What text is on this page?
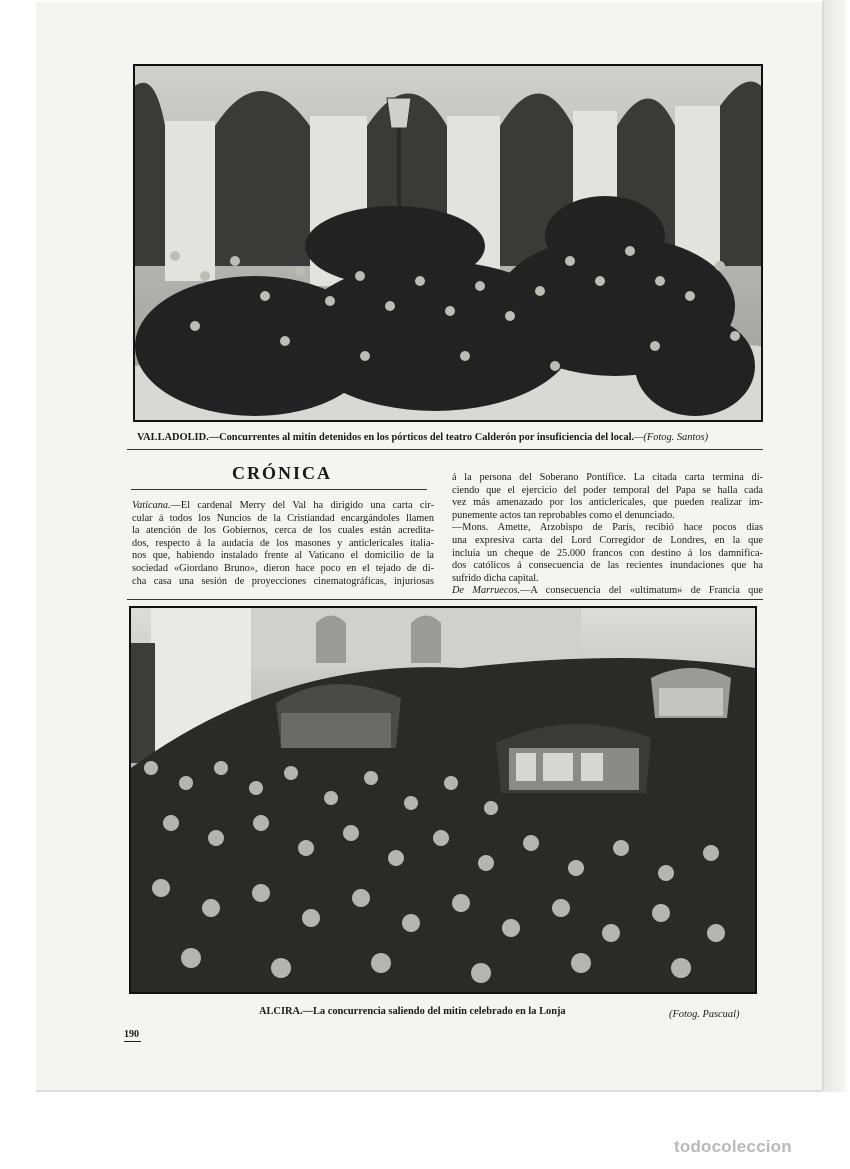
VALLADOLID.—Concurrentes al mitin detenidos en los pórticos del teatro Calderón por insuficiencia del local.—(Fotog. Santos)
CRÓNICA

Vaticana.—El cardenal Merry del Val ha dirigido una carta cir-

cular á todos los Nuncios de la Cristiandad encargándoles llamen

la atención de los Gobiernos, cerca de los cuales están acredita-

dos, respecto á la audacia de los masones y anticlericales italia-

nos que, habiendo instalado frente al Vaticano el domicilio de la

sociedad «Giordano Bruno», dieron hace poco en el tejado de di-

cha casa una sesión de proyecciones cinematográficas, injuriosas

á la persona del Soberano Pontífice. La citada carta termina di-

ciendo que el ejercicio del poder temporal del Papa se halla cada

vez más amenazado por los anticlericales, que pueden realizar im-

punemente actos tan reprobables como el denunciado.

—Mons. Amette, Arzobispo de París, recibió hace pocos días

una expresiva carta del Lord Corregidor de Londres, en la que

incluía un cheque de 25.000 francos con destino á los damnifica-

dos católicos á consecuencia de las recientes inundaciones que ha

sufrido dicha capital.

De Marruecos.—A consecuencia del «ultimatum» de Francia que

ALCIRA.—La concurrencia saliendo del mitin celebrado en la Lonja	(Fotog. Pascual)
190
todocoleccion
